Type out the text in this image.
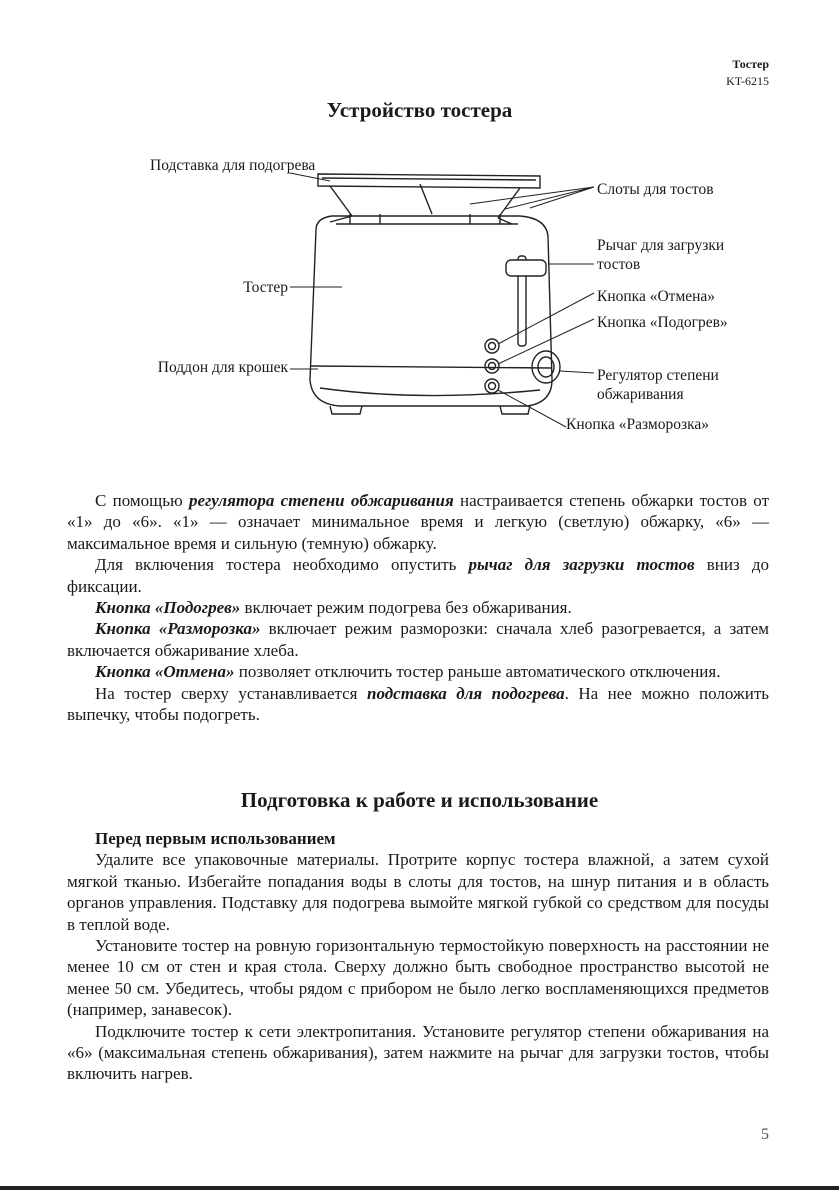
Тостер
KT-6215
Устройство тостера
Подставка для подогрева
Тостер
Поддон для крошек
Слоты для тостов
Рычаг для загрузки тостов
Кнопка «Отмена»
Кнопка «Подогрев»
Регулятор степени обжаривания
Кнопка «Разморозка»

С помощью регулятора степени обжаривания настраивается степень обжарки тостов от «1» до «6». «1» — означает минимальное время и легкую (светлую) обжарку, «6» — максимальное время и сильную (темную) обжарку.

Для включения тостера необходимо опустить рычаг для загрузки тостов вниз до фиксации.

Кнопка «Подогрев» включает режим подогрева без обжаривания.

Кнопка «Разморозка» включает режим разморозки: сначала хлеб разогревается, а затем включается обжаривание хлеба.

Кнопка «Отмена» позволяет отключить тостер раньше автоматического отключения.

На тостер сверху устанавливается подставка для подогрева. На нее можно положить выпечку, чтобы подогреть.

Подготовка к работе и использование

Перед первым использованием

Удалите все упаковочные материалы. Протрите корпус тостера влажной, а затем сухой мягкой тканью. Избегайте попадания воды в слоты для тостов, на шнур питания и в область органов управления. Подставку для подогрева вымойте мягкой губкой со средством для посуды в теплой воде.

Установите тостер на ровную горизонтальную термостойкую поверхность на расстоянии не менее 10 см от стен и края стола. Сверху должно быть свободное пространство высотой не менее 50 см. Убедитесь, чтобы рядом с прибором не было легко воспламеняющихся предметов (например, занавесок).

Подключите тостер к сети электропитания. Установите регулятор степени обжаривания на «6» (максимальная степень обжаривания), затем нажмите на рычаг для загрузки тостов, чтобы включить нагрев.

5
